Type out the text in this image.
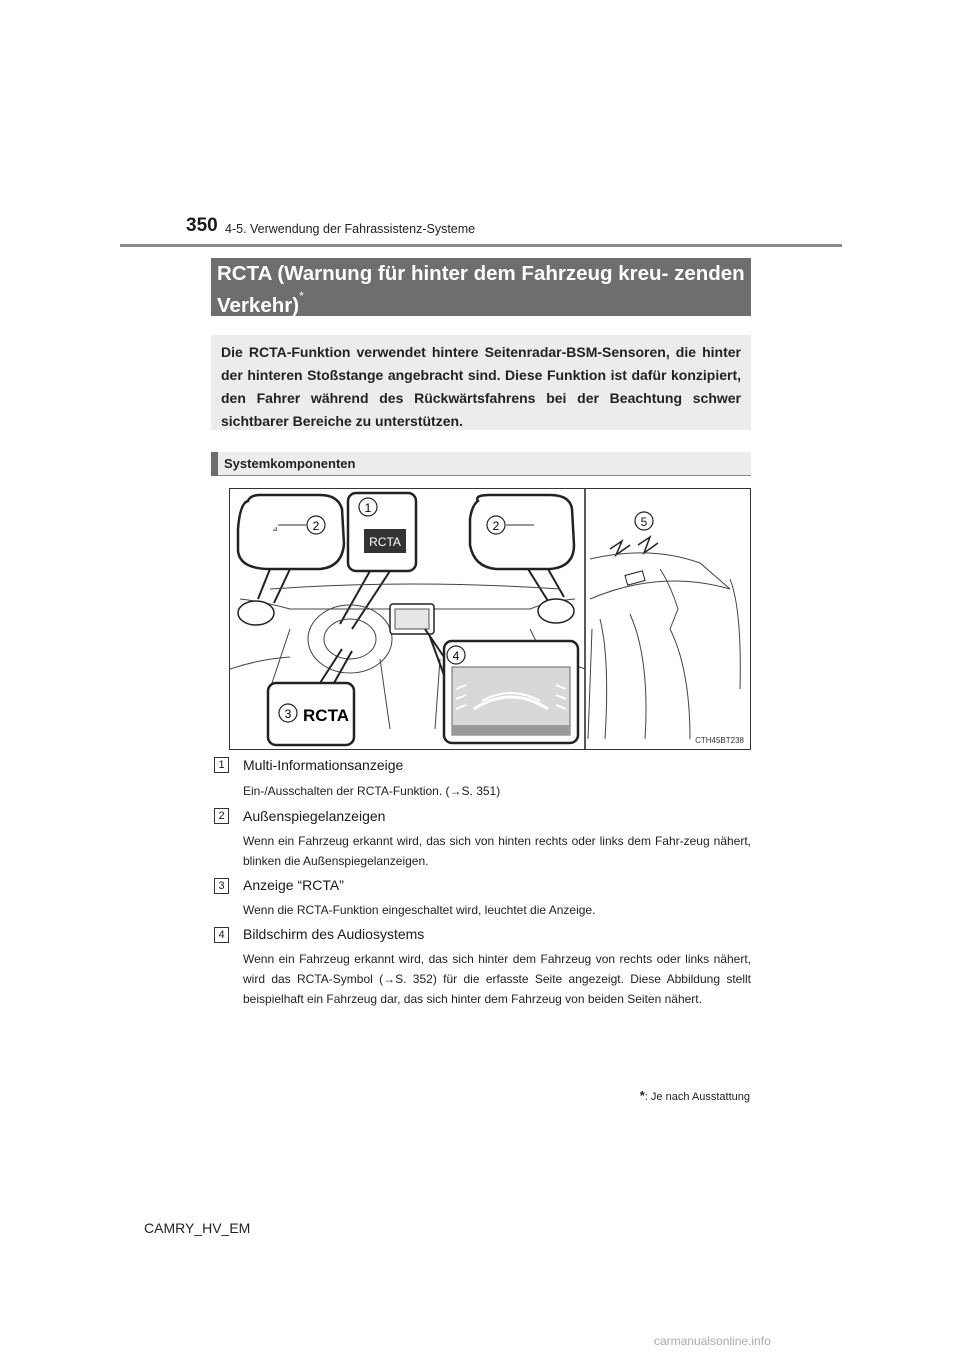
350 4-5. Verwendung der Fahrassistenz-Systeme
RCTA (Warnung für hinter dem Fahrzeug kreu- zenden Verkehr)*
Die RCTA-Funktion verwendet hintere Seitenradar-BSM-Sensoren, die hinter der hinteren Stoßstange angebracht sind. Diese Funktion ist dafür konzipiert, den Fahrer während des Rückwärtsfahrens bei der Beachtung schwer sichtbarer Bereiche zu unterstützen.
Systemkomponenten
⊿	2
1
RCTA
2
4
3 RCTA
5
CTH45BT238
1	Multi-Informationsanzeige
Ein-/Ausschalten der RCTA-Funktion. (→S. 351)
2	Außenspiegelanzeigen
Wenn ein Fahrzeug erkannt wird, das sich von hinten rechts oder links dem Fahr-zeug nähert, blinken die Außenspiegelanzeigen.
3	Anzeige “RCTA”
Wenn die RCTA-Funktion eingeschaltet wird, leuchtet die Anzeige.
4	Bildschirm des Audiosystems
Wenn ein Fahrzeug erkannt wird, das sich hinter dem Fahrzeug von rechts oder links nähert, wird das RCTA-Symbol (→S. 352) für die erfasste Seite angezeigt. Diese Abbildung stellt beispielhaft ein Fahrzeug dar, das sich hinter dem Fahrzeug von beiden Seiten nähert.
*: Je nach Ausstattung
CAMRY_HV_EM
carmanualsonline.info
